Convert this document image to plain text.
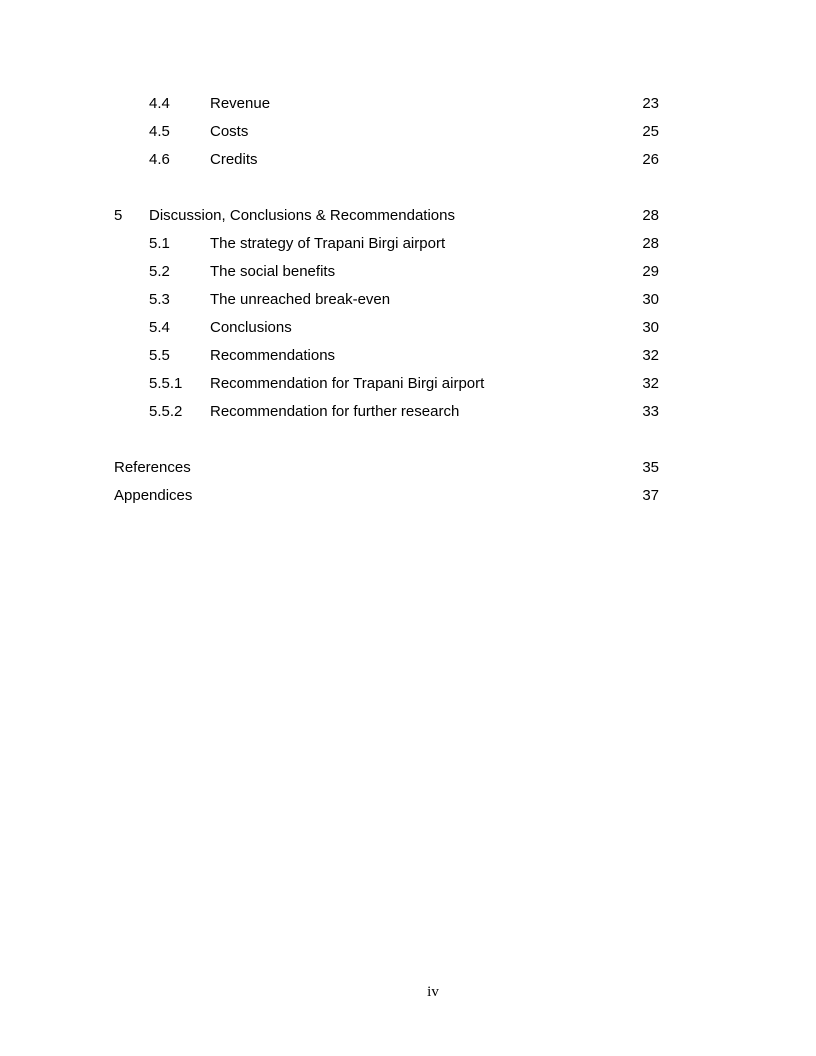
4.4	Revenue	23
4.5	Costs	25
4.6	Credits	26
5 Discussion, Conclusions & Recommendations	28
5.1	The strategy of Trapani Birgi airport	28
5.2	The social benefits	29
5.3	The unreached break-even	30
5.4	Conclusions	30
5.5	Recommendations	32
5.5.1 Recommendation for Trapani Birgi airport	32
5.5.2 Recommendation for further research	33
References	35
Appendices	37
iv
